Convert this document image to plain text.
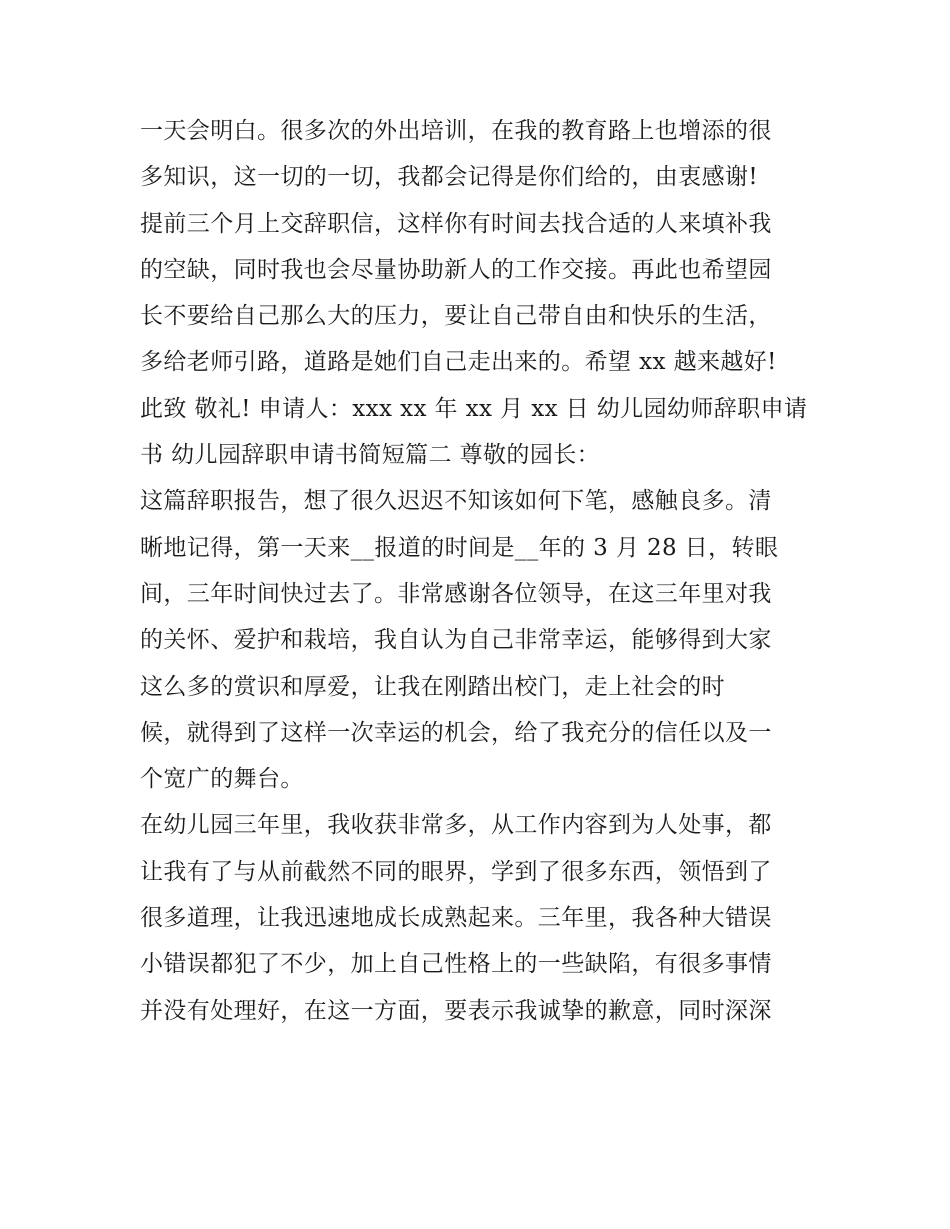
一天会明白。很多次的外出培训，在我的教育路上也增添的很
多知识，这一切的一切，我都会记得是你们给的，由衷感谢!
提前三个月上交辞职信，这样你有时间去找合适的人来填补我
的空缺，同时我也会尽量协助新人的工作交接。再此也希望园
长不要给自己那么大的压力，要让自己带自由和快乐的生活，
多给老师引路，道路是她们自己走出来的。希望 xx 越来越好!
此致 敬礼! 申请人：xxx xx 年 xx 月 xx 日 幼儿园幼师辞职申请
书 幼儿园辞职申请书简短篇二 尊敬的园长：
这篇辞职报告，想了很久迟迟不知该如何下笔，感触良多。清
晰地记得，第一天来__报道的时间是__年的 3 月 28 日，转眼
间，三年时间快过去了。非常感谢各位领导，在这三年里对我
的关怀、爱护和栽培，我自认为自己非常幸运，能够得到大家
这么多的赏识和厚爱，让我在刚踏出校门，走上社会的时
候，就得到了这样一次幸运的机会，给了我充分的信任以及一
个宽广的舞台。
在幼儿园三年里，我收获非常多，从工作内容到为人处事，都
让我有了与从前截然不同的眼界，学到了很多东西，领悟到了
很多道理，让我迅速地成长成熟起来。三年里，我各种大错误
小错误都犯了不少，加上自己性格上的一些缺陷，有很多事情
并没有处理好，在这一方面，要表示我诚挚的歉意，同时深深
